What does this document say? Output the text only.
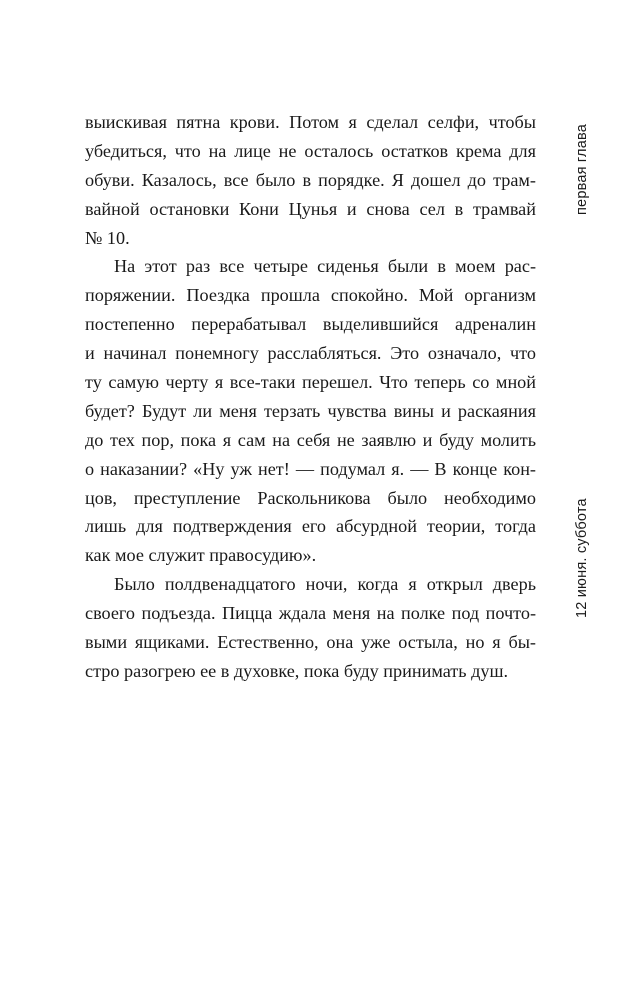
выискивая пятна крови. Потом я сделал селфи, чтобы
убедиться, что на лице не осталось остатков крема для
обуви. Казалось, все было в порядке. Я дошел до трам-
вайной остановки Кони Цунья и снова сел в трамвай
№ 10.
На этот раз все четыре сиденья были в моем рас-
поряжении. Поездка прошла спокойно. Мой организм
постепенно перерабатывал выделившийся адреналин
и начинал понемногу расслабляться. Это означало, что
ту самую черту я все-таки перешел. Что теперь со мной
будет? Будут ли меня терзать чувства вины и раскаяния
до тех пор, пока я сам на себя не заявлю и буду молить
о наказании? «Ну уж нет! — подумал я. — В конце кон-
цов, преступление Раскольникова было необходимо
лишь для подтверждения его абсурдной теории, тогда
как мое служит правосудию».
Было полдвенадцатого ночи, когда я открыл дверь
своего подъезда. Пицца ждала меня на полке под почто-
выми ящиками. Естественно, она уже остыла, но я бы-
стро разогрею ее в духовке, пока буду принимать душ.
первая глава
12 июня. суббота
